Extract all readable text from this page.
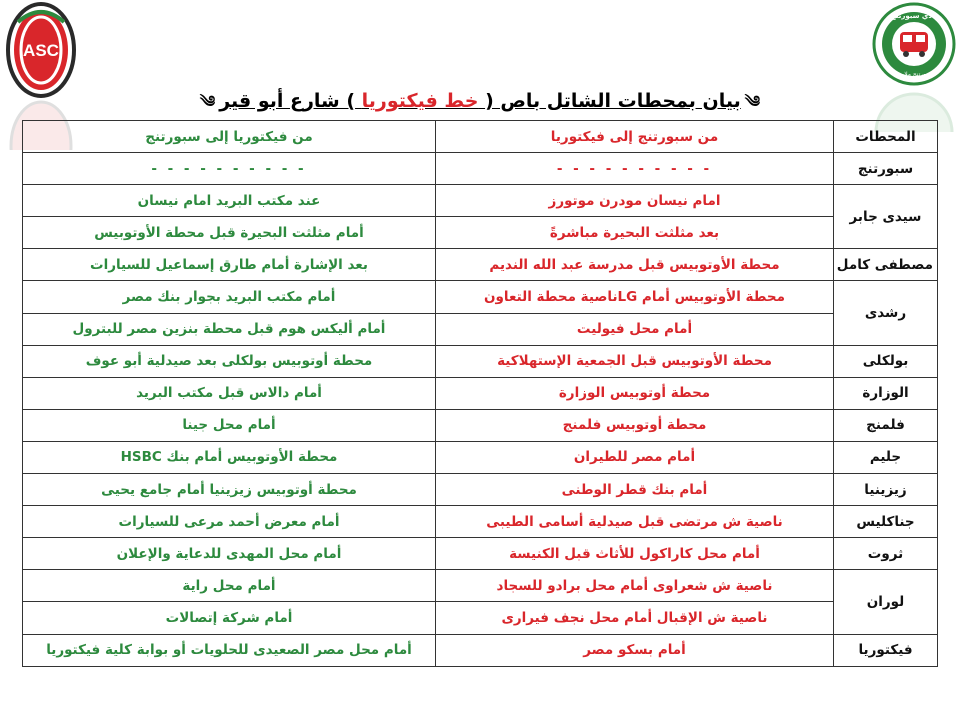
ASC
نادي سبورتنج
سبورتنج ملابس
༄بيان بمحطات الشاتل باص ( خط فيكتوريا ) شارع أبو قير༄
المحطات	من سبورتنج إلى فيكتوريا	من فيكتوريا إلى سبورتنج
سبورتنج	- - - - - - - - - -	- - - - - - - - - -
سيدى جابر	امام نيسان مودرن موتورز	عند مكتب البريد امام نيسان
	بعد مثلثت البحيرة مباشرةً	أمام مثلثت البحيرة قبل محطة الأوتوبيس
مصطفى كامل	محطة الأوتوبيس قبل مدرسة عبد الله النديم	بعد الإشارة أمام طارق إسماعيل للسيارات
رشدى	محطة الأوتوبيس أمام LGناصية محطة التعاون	أمام مكتب البريد بجوار بنك مصر
	أمام محل فيوليت	أمام أليكس هوم قبل محطة بنزين مصر للبترول
بولكلى	محطة الأوتوبيس قبل الجمعية الإستهلاكية	محطة أوتوبيس بولكلى بعد صيدلية أبو عوف
الوزارة	محطة أوتوبيس الوزارة	أمام دالاس قبل مكتب البريد
فلمنج	محطة أوتوبيس فلمنج	أمام محل جينا
جليم	أمام مصر للطيران	محطة الأوتوبيس أمام بنك HSBC
زيزينيا	أمام بنك قطر الوطنى	محطة أوتوبيس زيزينيا أمام جامع يحيى
جناكليس	ناصية ش مرتضى قبل صيدلية أسامى الطيبى	أمام معرض أحمد مرعى للسيارات
ثروت	أمام محل كاراكول للأثاث قبل الكنيسة	أمام محل المهدى للدعاية والإعلان
لوران	ناصية ش شعراوى أمام محل برادو للسجاد	أمام محل راية
	ناصية ش الإقبال أمام محل نجف فيرارى	أمام شركة إتصالات
فيكتوريا	أمام بسكو مصر	أمام محل مصر الصعيدى للحلويات أو بوابة كلية فيكتوريا
